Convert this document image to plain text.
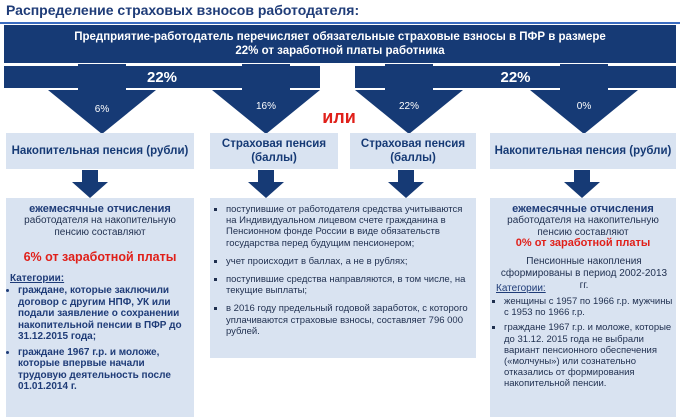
Распределение страховых взносов работодателя:
Предприятие-работодатель перечисляет обязательные страховые взносы в ПФР в размере 22% от заработной платы работника
22%	22%
6%	16%	22%	0%
или
Накопительная пенсия (рубли)
Страховая пенсия (баллы)
Страховая пенсия (баллы)
Накопительная пенсия (рубли)
ежемесячные отчисления
работодателя на накопительную пенсию составляют
6% от заработной платы
Категории:
• граждане, которые заключили договор с другим НПФ, УК или подали заявление о сохранении накопительной пенсии в ПФР до 31.12.2015 года;
• граждане 1967 г.р. и моложе, которые впервые начали трудовую деятельность после 01.01.2014 г.
▪ поступившие от работодателя средства учитываются на Индивидуальном лицевом счете гражданина в Пенсионном фонде России в виде обязательств государства перед будущим пенсионером;
▪ учет происходит в баллах, а не в рублях;
▪ поступившие средства направляются, в том числе, на текущие выплаты;
▪ в 2016 году предельный годовой заработок, с которого уплачиваются страховые взносы, составляет 796 000 рублей.
ежемесячные отчисления
работодателя на накопительную пенсию составляют
0% от заработной платы
Пенсионные накопления сформированы в период 2002-2013 гг.
Категории:
▪ женщины с 1957 по 1966 г.р. мужчины с 1953 по 1966 г.р.
▪ граждане 1967 г.р. и моложе, которые до 31.12. 2015 года не выбрали вариант пенсионного обеспечения («молчуны») или сознательно отказались от формирования накопительной пенсии.
